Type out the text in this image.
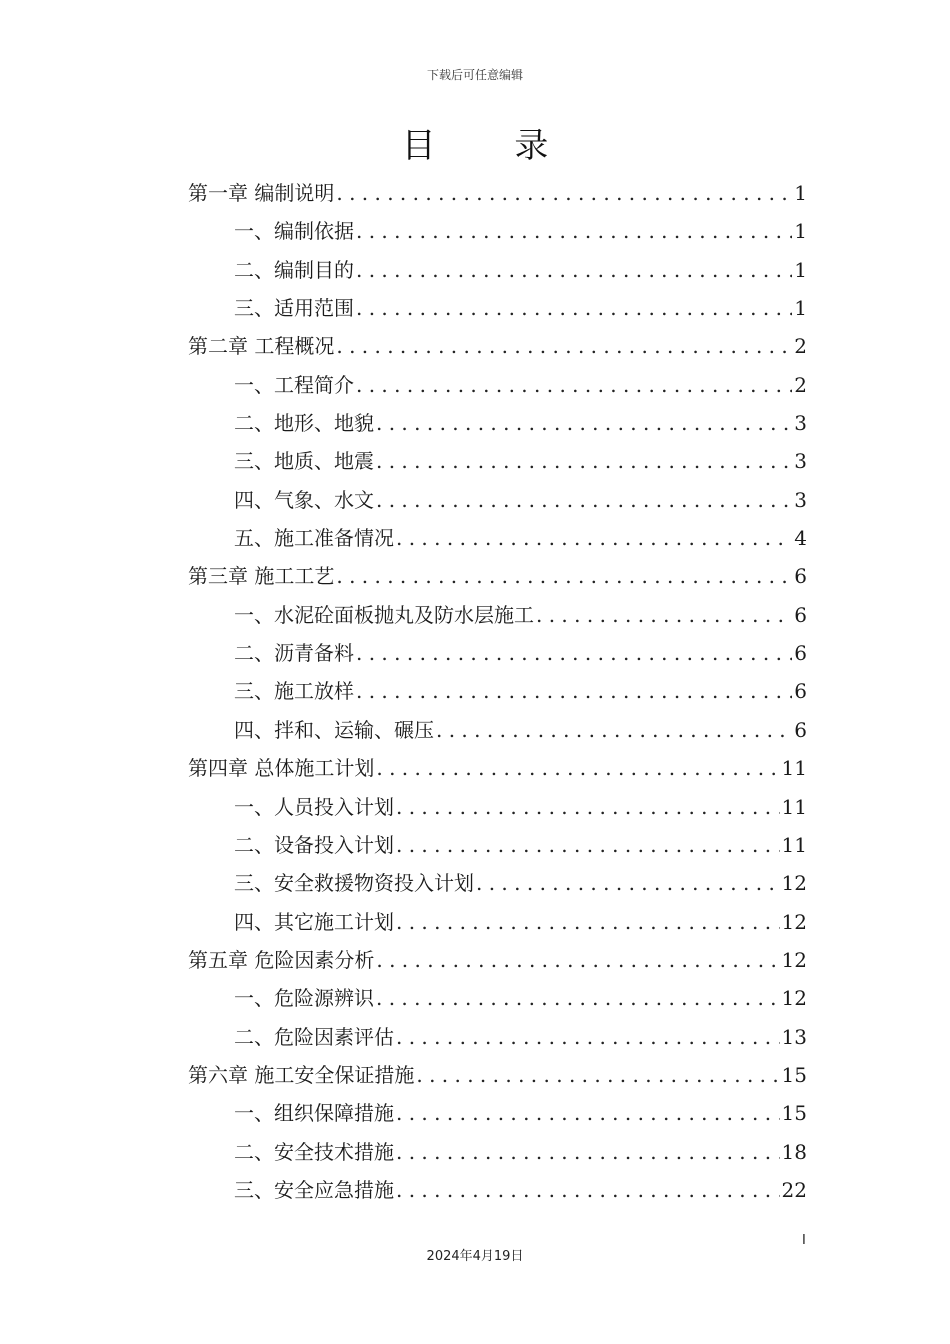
下载后可任意编辑
目 录
第一章 编制说明 . . .	1
一、编制依据 . . .	1
二、编制目的 . . .	1
三、适用范围 . . .	1
第二章 工程概况 . . .	2
一、工程简介 . . .	2
二、地形、地貌 . . .	3
三、地质、地震 . . .	3
四、气象、水文 . . .	3
五、施工准备情况 . . .	4
第三章 施工工艺 . . .	6
一、水泥砼面板抛丸及防水层施工 . . .	6
二、沥青备料 . . .	6
三、施工放样 . . .	6
四、拌和、运输、碾压 . . .	6
第四章 总体施工计划 . . .	11
一、人员投入计划 . . .	11
二、设备投入计划 . . .	11
三、安全救援物资投入计划 . . .	12
四、其它施工计划 . . .	12
第五章 危险因素分析 . . .	12
一、危险源辨识 . . .	12
二、危险因素评估 . . .	13
第六章 施工安全保证措施 . . .	15
一、组织保障措施 . . .	15
二、安全技术措施 . . .	18
三、安全应急措施 . . .	22
I
2024年4月19日
